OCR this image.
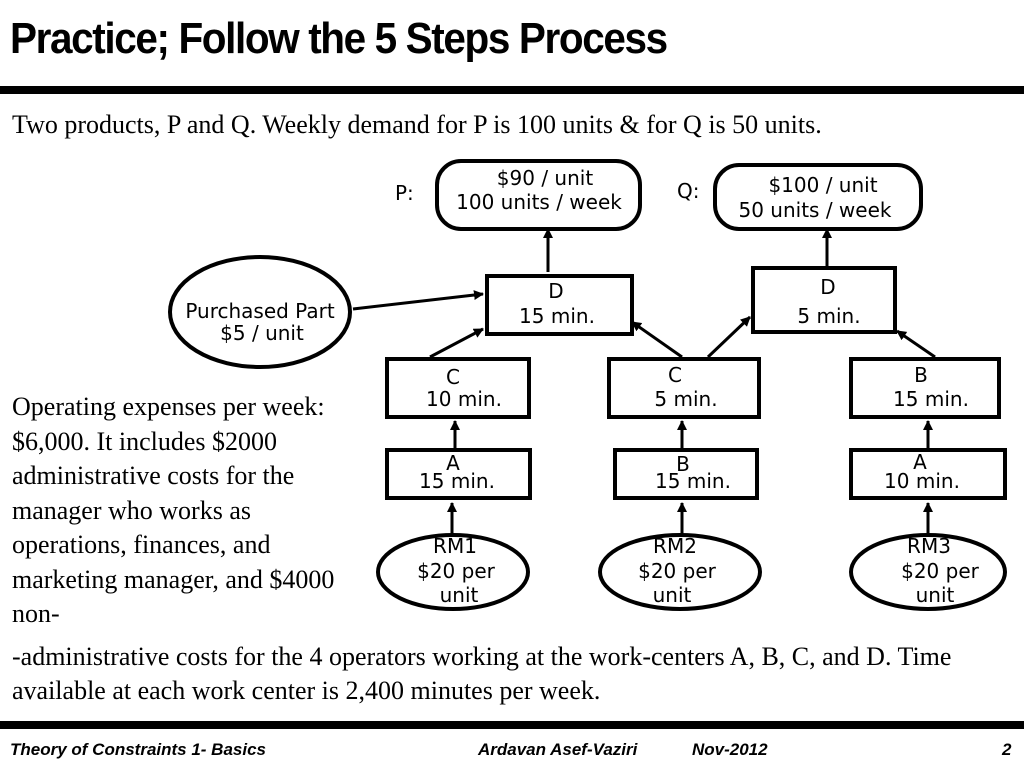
Practice; Follow the 5 Steps Process
Two products, P and Q. Weekly demand for P is 100 units & for Q is 50 units.
Operating expenses per week: $6,000. It includes $2000 administrative costs for the manager who works as operations, finances, and marketing manager, and $4000 non-
-administrative costs for the 4 operators working at the work-centers A, B, C, and D. Time available at each work center is 2,400 minutes per week.
P:
$90 / unit
100 units / week	Q:	$100 / unit
50 units / week
Purchased Part
$5 / unit
D
15 min.
D
5 min.
C
10 min.
C
5 min.
B
15 min.
A
15 min.
B
15 min.
A
10 min.
RM1
$20 per
unit
RM2
$20 per
unit
RM3
$20 per
unit
Theory of Constraints 1- Basics	Ardavan Asef-Vaziri	Nov-2012	2
